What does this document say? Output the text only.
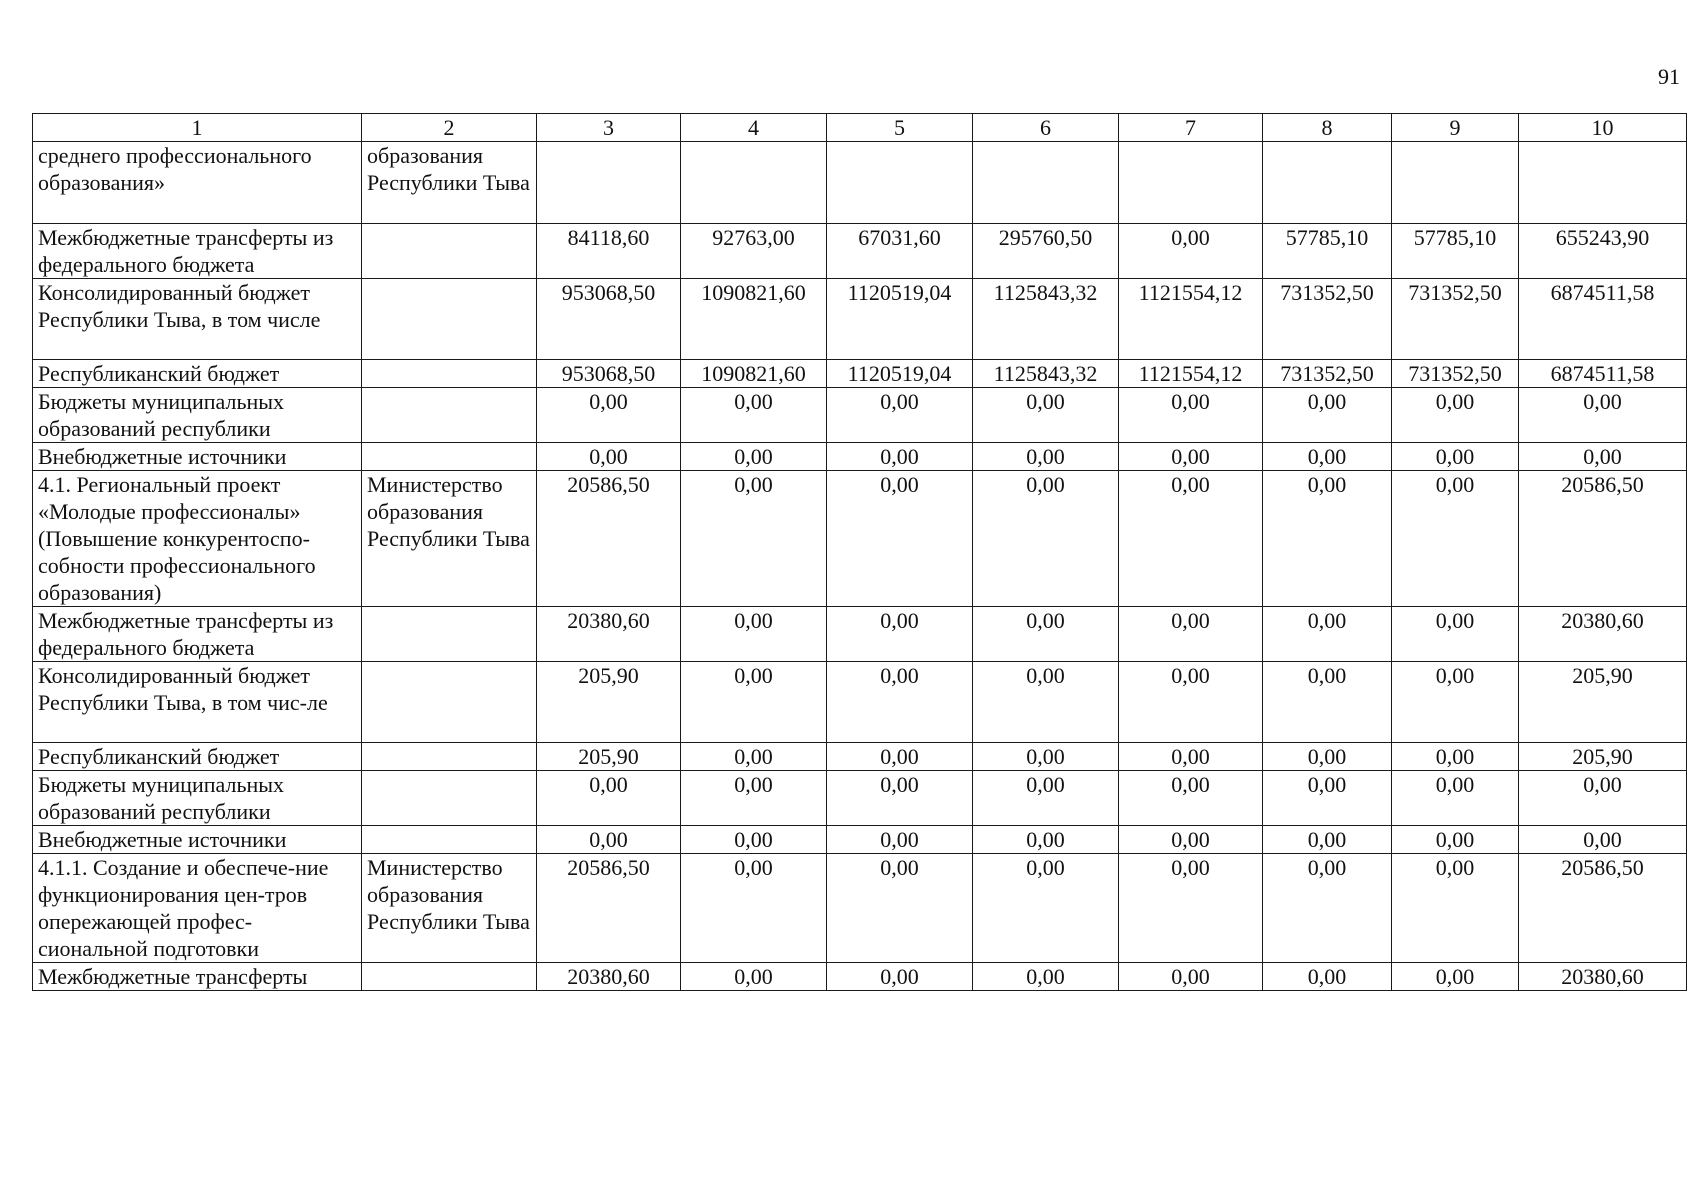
91
1	2	3	4	5	6	7	8	9	10
среднего профессионального образования»	образования Республики Тыва								
Межбюджетные трансферты из федерального бюджета		84118,60	92763,00	67031,60	295760,50	0,00	57785,10	57785,10	655243,90
Консолидированный бюджет Республики Тыва, в том числе		953068,50	1090821,60	1120519,04	1125843,32	1121554,12	731352,50	731352,50	6874511,58
Республиканский бюджет		953068,50	1090821,60	1120519,04	1125843,32	1121554,12	731352,50	731352,50	6874511,58
Бюджеты муниципальных образований республики		0,00	0,00	0,00	0,00	0,00	0,00	0,00	0,00
Внебюджетные источники		0,00	0,00	0,00	0,00	0,00	0,00	0,00	0,00
4.1. Региональный проект «Молодые профессионалы» (Повышение конкурентоспо-собности профессионального образования)	Министерство образования Республики Тыва	20586,50	0,00	0,00	0,00	0,00	0,00	0,00	20586,50
Межбюджетные трансферты из федерального бюджета		20380,60	0,00	0,00	0,00	0,00	0,00	0,00	20380,60
Консолидированный бюджет Республики Тыва, в том чис-ле		205,90	0,00	0,00	0,00	0,00	0,00	0,00	205,90
Республиканский бюджет		205,90	0,00	0,00	0,00	0,00	0,00	0,00	205,90
Бюджеты муниципальных образований республики		0,00	0,00	0,00	0,00	0,00	0,00	0,00	0,00
Внебюджетные источники		0,00	0,00	0,00	0,00	0,00	0,00	0,00	0,00
4.1.1. Создание и обеспече-ние функционирования цен-тров опережающей профес-сиональной подготовки	Министерство образования Республики Тыва	20586,50	0,00	0,00	0,00	0,00	0,00	0,00	20586,50
Межбюджетные трансферты		20380,60	0,00	0,00	0,00	0,00	0,00	0,00	20380,60
